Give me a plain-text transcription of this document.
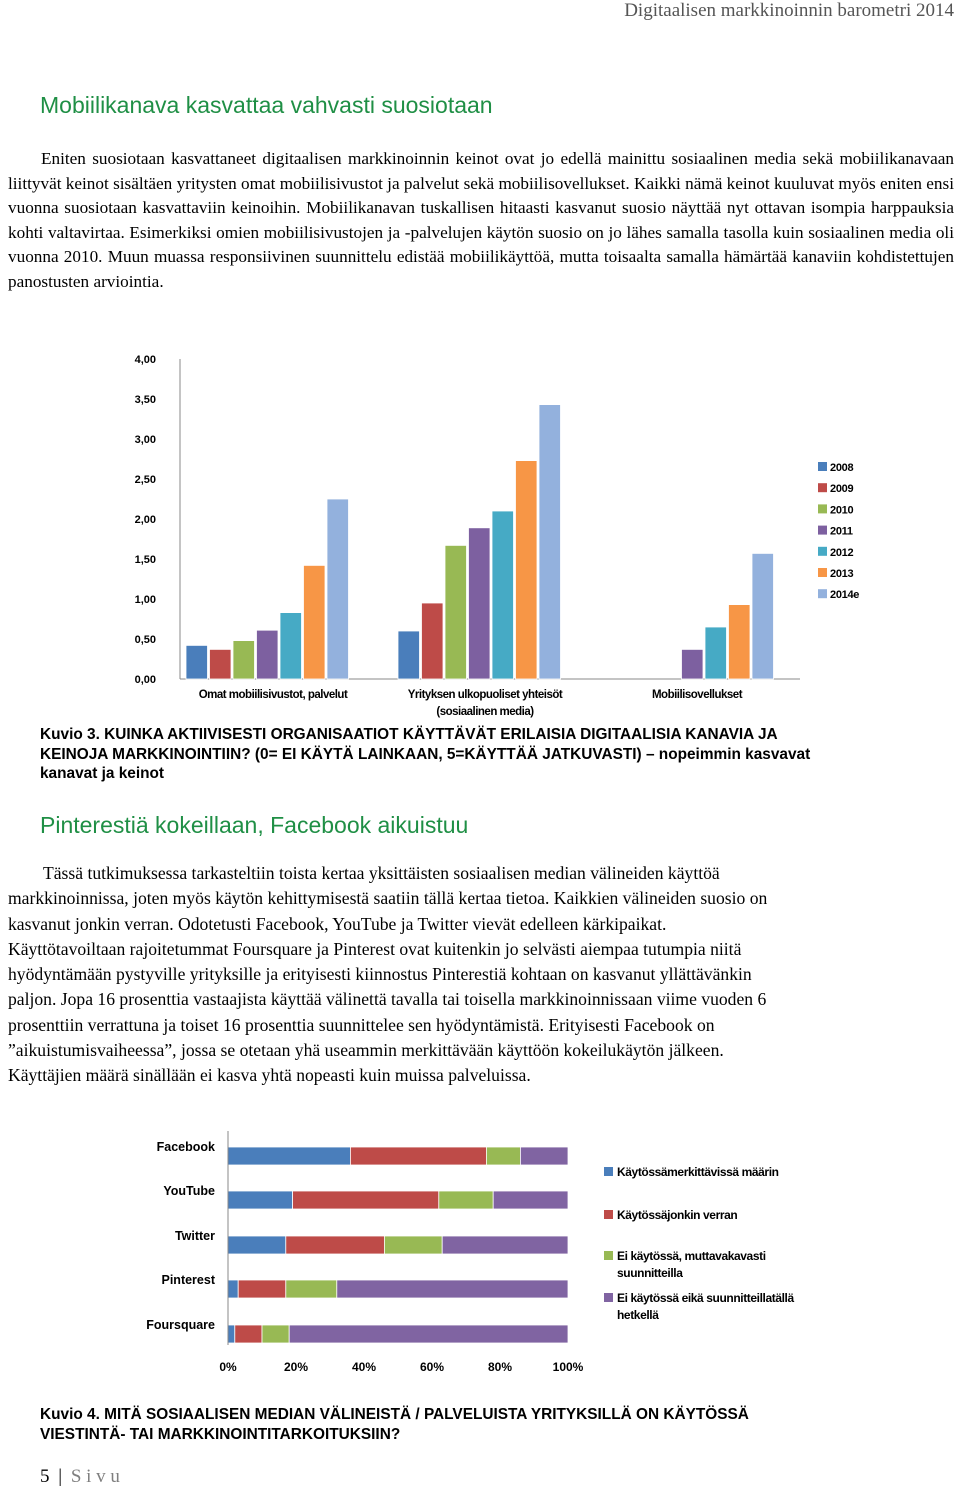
Digitaalisen markkinoinnin barometri 2014
Mobiilikanava kasvattaa vahvasti suosiotaan

Eniten suosiotaan kasvattaneet digitaalisen markkinoinnin keinot ovat jo edellä mainittu sosiaalinen media sekä mobiilikanavaan liittyvät keinot sisältäen yritysten omat mobiilisivustot ja palvelut sekä mobiilisovellukset. Kaikki nämä keinot kuuluvat myös eniten ensi vuonna suosiotaan kasvattaviin keinoihin. Mobiilikanavan tuskallisen hitaasti kasvanut suosio näyttää nyt ottavan isompia harppauksia kohti valtavirtaa. Esimerkiksi omien mobiilisivustojen ja -palvelujen käytön suosio on jo lähes samalla tasolla kuin sosiaalinen media oli vuonna 2010. Muun muassa responsiivinen suunnittelu edistää mobiilikäyttöä, mutta toisaalta samalla hämärtää kanaviin kohdistettujen panostusten arviointia.

4,00
3,50
3,00
2,50
2,00
1,50
1,00
0,50
0,00
Omat mobiilisivustot, palvelut	Yrityksen ulkopuoliset yhteisöt
(sosiaalinen media)
Mobiilisovellukset
2008
2009
2010
2011
2012
2013
2014e

Kuvio 3. KUINKA AKTIIVISESTI ORGANISAATIOT KÄYTTÄVÄT ERILAISIA DIGITAALISIA KANAVIA JA

KEINOJA MARKKINOINTIIN? (0= EI KÄYTÄ LAINKAAN, 5=KÄYTTÄÄ JATKUVASTI) – nopeimmin kasvavat

kanavat ja keinot

Pinterestiä kokeillaan, Facebook aikuistuu

Tässä tutkimuksessa tarkasteltiin toista kertaa yksittäisten sosiaalisen median välineiden käyttöä

markkinoinnissa, joten myös käytön kehittymisestä saatiin tällä kertaa tietoa. Kaikkien välineiden suosio on

kasvanut jonkin verran. Odotetusti Facebook, YouTube ja Twitter vievät edelleen kärkipaikat.

Käyttötavoiltaan rajoitetummat Foursquare ja Pinterest ovat kuitenkin jo selvästi aiempaa tutumpia niitä

hyödyntämään pystyville yrityksille ja erityisesti kiinnostus Pinterestiä kohtaan on kasvanut yllättävänkin

paljon. Jopa 16 prosenttia vastaajista käyttää välinettä tavalla tai toisella markkinoinnissaan viime vuoden 6

prosenttiin verrattuna ja toiset 16 prosenttia suunnittelee sen hyödyntämistä. Erityisesti Facebook on

”aikuistumisvaiheessa”, jossa se otetaan yhä useammin merkittävään käyttöön kokeilukäytön jälkeen.

Käyttäjien määrä sinällään ei kasva yhtä nopeasti kuin muissa palveluissa.

Facebook
YouTube
Twitter
Pinterest
Foursquare
0%	20%	40%	60%	80%	100%
Käytössämerkittävissä määrin
Käytössäjonkin verran
Ei käytössä, muttavakavasti
suunnitteilla
Ei käytössä eikä suunnitteillatällä
hetkellä

Kuvio 4. MITÄ SOSIAALISEN MEDIAN VÄLINEISTÄ / PALVELUISTA YRITYKSILLÄ ON KÄYTÖSSÄ

VIESTINTÄ- TAI MARKKINOINTITARKOITUKSIIN?

5 | S i v u
